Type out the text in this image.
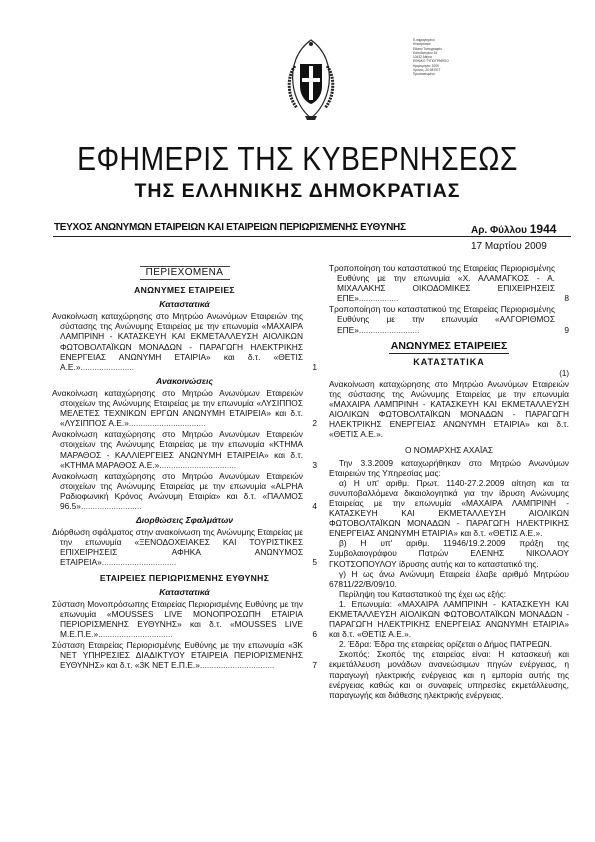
Ε-σφραγισμένο
Ηλεκτρονικά
Εθνικό Τυπογραφείο
Καποδιστρίου 34
10432 Αθήνα
ΕΘΝΙΚΟ ΤΥΠΟΓΡΑΦΕΙΟ
Ημερομηνία: 2009
Χρόνος: 20:08 ΕΕΤ
Προστατευμένο
ΕΦΗΜΕΡΙΣ ΤΗΣ ΚΥΒΕΡΝΗΣΕΩΣ
ΤΗΣ ΕΛΛΗΝΙΚΗΣ ΔΗΜΟΚΡΑΤΙΑΣ
ΤΕΥΧΟΣ ΑΝΩΝΥΜΩΝ ΕΤΑΙΡΕΙΩΝ ΚΑΙ ΕΤΑΙΡΕΙΩΝ ΠΕΡΙΩΡΙΣΜΕΝΗΣ ΕΥΘΥΝΗΣ	Αρ. Φύλλου 1944
17 Μαρτίου 2009
ΠΕΡΙΕΧΟΜΕΝΑ
ΑΝΩΝΥΜΕΣ ΕΤΑΙΡΕΙΕΣ
Καταστατικά
Ανακοίνωση καταχώρησης στο Μητρώο Ανωνύμων Εταιρειών της σύστασης της Ανώνυμης Εταιρείας με την επωνυμία «ΜΑΧΑΙΡΑ ΛΑΜΠΡΙΝΗ - ΚΑΤΑΣΚΕΥΗ ΚΑΙ ΕΚΜΕΤΑΛΛΕΥΣΗ ΑΙΟΛΙΚΩΝ ΦΩΤΟΒΟΛΤΑΪΚΩΝ ΜΟΝΑΔΩΝ - ΠΑΡΑΓΩΓΗ ΗΛΕΚΤΡΙΚΗΣ ΕΝΕΡΓΕΙΑΣ ΑΝΩΝΥΜΗ ΕΤΑΙΡΙΑ» και δ.τ. «ΘΕΤΙΣ Α.Ε.».......................	1
Ανακοινώσεις
Ανακοίνωση καταχώρησης στο Μητρώο Ανωνύμων Εταιρειών στοιχείων της Ανώνυμης Εταιρείας με την επωνυμία «ΛΥΣΙΠΠΟΣ ΜΕΛΕΤΕΣ ΤΕΧΝΙΚΩΝ ΕΡΓΩΝ ΑΝΩΝΥΜΗ ΕΤΑΙΡΕΙΑ» και δ.τ. «ΛΥΣΙΠΠΟΣ Α.Ε.».................................	2
Ανακοίνωση καταχώρησης στο Μητρώο Ανωνύμων Εταιρειών στοιχείων της Ανώνυμης Εταιρείας με την επωνυμία «ΚΤΗΜΑ ΜΑΡΑΘΟΣ - ΚΑΛΛΙΕΡΓΕΙΕΣ ΑΝΩΝΥΜΗ ΕΤΑΙΡΕΙΑ» και δ.τ. «ΚΤΗΜΑ ΜΑΡΑΘΟΣ Α.Ε.».................................	3
Ανακοίνωση καταχώρησης στο Μητρώο Ανωνύμων Εταιρειών στοιχείων της Ανώνυμης Εταιρείας με την επωνυμία «ALPHA Ραδιοφωνική Κρόνος Ανώνυμη Εταιρία» και δ.τ. «ΠΑΛΜΟΣ 96.5»..........................	4
Διορθώσεις Σφαλμάτων
Διόρθωση σφάλματος στην ανακοίνωση της Ανώνυμης Εταιρείας με την επωνυμία «ΞΕΝΟΔΟΧΕΙΑΚΕΣ ΚΑΙ ΤΟΥΡΙΣΤΙΚΕΣ ΕΠΙΧΕΙΡΗΣΕΙΣ ΑΦΗΚΑ ΑΝΩΝΥΜΟΣ ΕΤΑΙΡΕΙΑ»................................	5
ΕΤΑΙΡΕΙΕΣ ΠΕΡΙΩΡΙΣΜΕΝΗΣ ΕΥΘΥΝΗΣ
Καταστατικά
Σύσταση Μονοπρόσωπης Εταιρείας Περιορισμένης Ευθύνης με την επωνυμία «MOUSSES LIVE ΜΟΝΟΠΡΟΣΩΠΗ ΕΤΑΙΡΙΑ ΠΕΡΙΟΡΙΣΜΕΝΗΣ ΕΥΘΥΝΗΣ» και δ.τ. «MOUSSES LIVE Μ.Ε.Π.Ε.»................................	6
Σύσταση Εταιρείας Περιορισμένης Ευθύνης με την επωνυμία «3Κ ΝΕΤ ΥΠΗΡΕΣΙΕΣ ΔΙΑΔΙΚΤΥΟΥ ΕΤΑΙΡΕΙΑ ΠΕΡΙΟΡΙΣΜΕΝΗΣ ΕΥΘΥΝΗΣ» και δ.τ. «3Κ ΝΕΤ Ε.Π.Ε.»................................	7
Τροποποίηση του καταστατικού της Εταιρείας Περιορισμένης Ευθύνης με την επωνυμία «Χ. ΑΛΑΜΑΓΚΟΣ - Α. ΜΙΧΑΛΑΚΗΣ ΟΙΚΟΔΟΜΙΚΕΣ ΕΠΙΧΕΙΡΗΣΕΙΣ ΕΠΕ».................	8
Τροποποίηση του καταστατικού της Εταιρείας Περιορισμένης Ευθύνης με την επωνυμία «ΑΛΓΟΡΙΘΜΟΣ ΕΠΕ»..........................	9
ΑΝΩΝΥΜΕΣ ΕΤΑΙΡΕΙΕΣ
ΚΑΤΑΣΤΑΤΙΚΑ
(1)

Ανακοίνωση καταχώρησης στο Μητρώο Ανωνύμων Εταιρειών της σύστασης της Ανώνυμης Εταιρείας με την επωνυμία «ΜΑΧΑΙΡΑ ΛΑΜΠΡΙΝΗ - ΚΑΤΑΣΚΕΥΗ ΚΑΙ ΕΚΜΕΤΑΛΛΕΥΣΗ ΑΙΟΛΙΚΩΝ ΦΩΤΟΒΟΛΤΑΪΚΩΝ ΜΟΝΑΔΩΝ - ΠΑΡΑΓΩΓΗ ΗΛΕΚΤΡΙΚΗΣ ΕΝΕΡΓΕΙΑΣ ΑΝΩΝΥΜΗ ΕΤΑΙΡΙΑ» και δ.τ. «ΘΕΤΙΣ Α.Ε.».

Ο ΝΟΜΑΡΧΗΣ ΑΧΑΪΑΣ

Την 3.3.2009 καταχωρήθηκαν στο Μητρώο Ανωνύμων Εταιρειών της Υπηρεσίας μας:

α) Η υπ' αριθμ. Πρωτ. 1140-27.2.2009 αίτηση και τα συνυποβαλλόμενα δικαιολογητικά για την ίδρυση Ανώνυμης Εταιρείας με την επωνυμία «ΜΑΧΑΙΡΑ ΛΑΜΠΡΙΝΗ - ΚΑΤΑΣΚΕΥΗ ΚΑΙ ΕΚΜΕΤΑΛΛΕΥΣΗ ΑΙΟΛΙΚΩΝ ΦΩΤΟΒΟΛΤΑΪΚΩΝ ΜΟΝΑΔΩΝ - ΠΑΡΑΓΩΓΗ ΗΛΕΚΤΡΙΚΗΣ ΕΝΕΡΓΕΙΑΣ ΑΝΩΝΥΜΗ ΕΤΑΙΡΙΑ» και δ.τ. «ΘΕΤΙΣ Α.Ε.».

β) Η υπ' αριθμ. 11946/19.2.2009 πράξη της Συμβολαιογράφου Πατρών ΕΛΕΝΗΣ ΝΙΚΟΛΑΟΥ ΓΚΟΤΣΟΠΟΥΛΟΥ ίδρυσης αυτής και το καταστατικό της.

γ) Η ως άνω Ανώνυμη Εταιρεία έλαβε αριθμό Μητρώου 67811/22/Β/09/10.

Περίληψη του Καταστατικού της έχει ως εξής:

1. Επωνυμία: «ΜΑΧΑΙΡΑ ΛΑΜΠΡΙΝΗ - ΚΑΤΑΣΚΕΥΗ ΚΑΙ ΕΚΜΕΤΑΛΛΕΥΣΗ ΑΙΟΛΙΚΩΝ ΦΩΤΟΒΟΛΤΑΪΚΩΝ ΜΟΝΑΔΩΝ - ΠΑΡΑΓΩΓΗ ΗΛΕΚΤΡΙΚΗΣ ΕΝΕΡΓΕΙΑΣ ΑΝΩΝΥΜΗ ΕΤΑΙΡΙΑ» και δ.τ. «ΘΕΤΙΣ Α.Ε.».

2. Έδρα: Έδρα της εταιρείας ορίζεται ο Δήμος ΠΑΤΡΕΩΝ.

Σκοπός: Σκοπός της εταιρείας είναι: Η κατασκευή και εκμετάλλευση μονάδων ανανεώσιμων πηγών ενέργειας, η παραγωγή ηλεκτρικής ενέργειας και η εμπορία αυτής της ενέργειας καθώς και οι συναφείς υπηρεσίες εκμετάλλευσης, παραγωγής και διάθεσης ηλεκτρικής ενέργειας.
